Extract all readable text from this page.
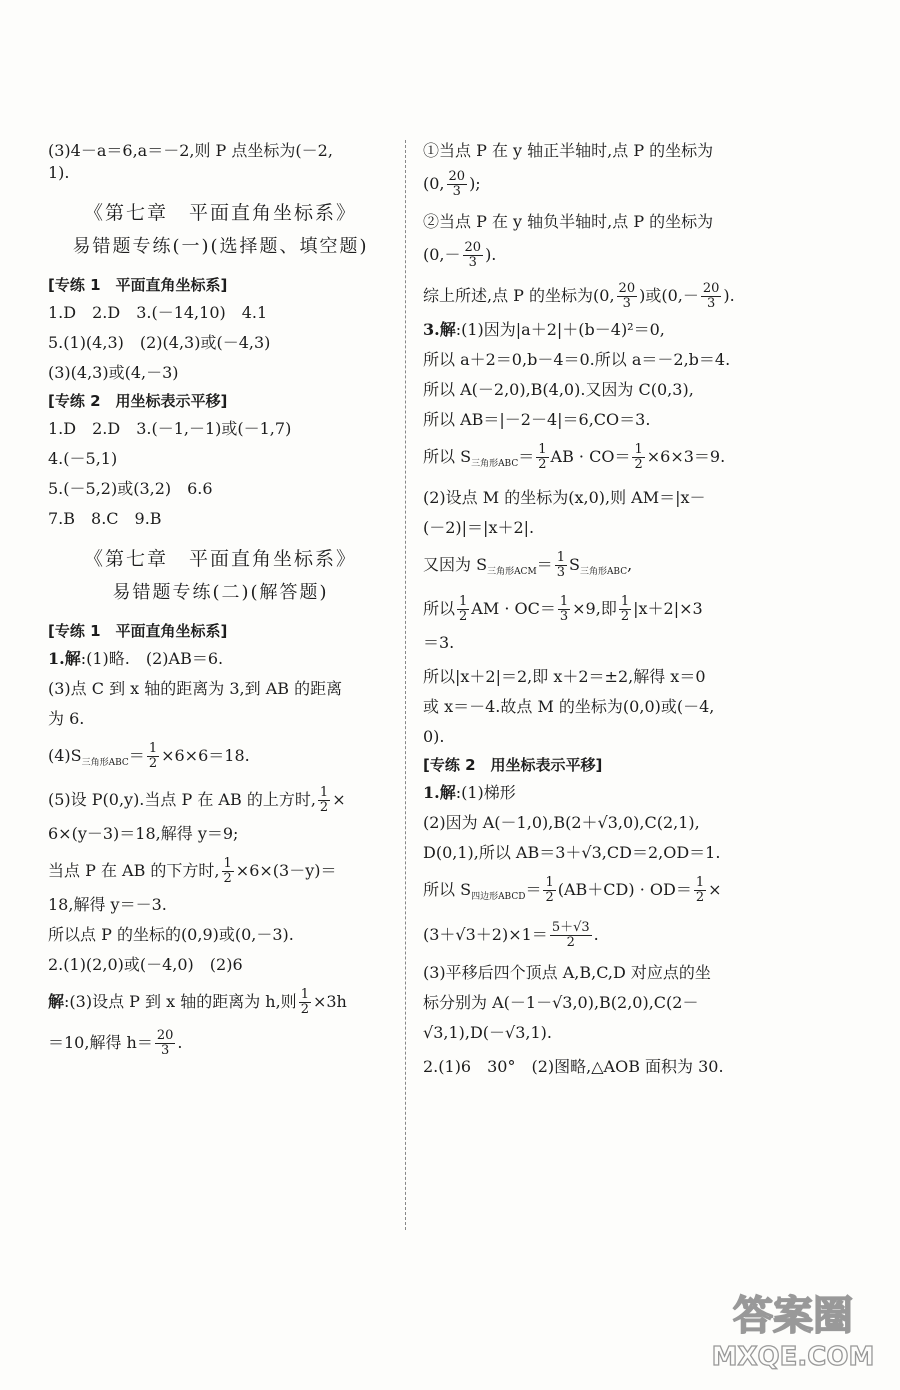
(3)4－a＝6,a＝－2,则 P 点坐标为(－2,
1).
《第七章　平面直角坐标系》
易错题专练(一)(选择题、填空题)
[专练 1　平面直角坐标系]
1.D　2.D　3.(－14,10)　4.1
5.(1)(4,3)　(2)(4,3)或(－4,3)
(3)(4,3)或(4,－3)
[专练 2　用坐标表示平移]
1.D　2.D　3.(－1,－1)或(－1,7)
4.(－5,1)
5.(－5,2)或(3,2)　6.6
7.B　8.C　9.B
《第七章　平面直角坐标系》
易错题专练(二)(解答题)
[专练 1　平面直角坐标系]
1.解:(1)略.　(2)AB＝6.
(3)点 C 到 x 轴的距离为 3,到 AB 的距离
为 6.
$(4)S_{三角形ABC}= \frac{1}{2} \times 6\times 6=18$.
(5)设 P(0,y).当点 P 在 AB 的上方时, $\frac{1}{2}$ ×
6×(y－3)＝18,解得 y＝9;
当点 P 在 AB 的下方时, $\frac{1}{2} \times 6\times(3-y)=$
18,解得 y＝－3.
所以点 P 的坐标的(0,9)或(0,－3).
2.(1)(2,0)或(－4,0)　(2)6
解:(3)设点 P 到 x 轴的距离为 h,则 $\frac{1}{2} \times 3h$
＝10,解得 $h= \frac{20}{3}$ .
①当点 P 在 y 轴正半轴时,点 P 的坐标为
(0, $\frac{20}{3}$ );
②当点 P 在 y 轴负半轴时,点 P 的坐标为
($0,- \frac{20}{3}$ ).
综上所述,点 P 的坐标为(0, $\frac{20}{3}$ )或($0,- \frac{20}{3}$ ).
3.解:(1)因为|a＋2|＋(b－4)²＝0,
所以 a＋2＝0,b－4＝0.所以 a＝－2,b＝4.
所以 A(－2,0),B(4,0).又因为 C(0,3),
所以 AB＝|－2－4|＝6,CO＝3.
所以 $S_{三角形ABC}= \frac{1}{2}$ AB · $CO= \frac{1}{2} \times 6\times 3=9$.
(2)设点 M 的坐标为(x,0),则 AM＝|x－
(－2)|＝|x＋2|.
又因为 $S_{三角形ACM}= \frac{1}{3} S_{三角形ABC}$,
所以 $\frac{1}{2}$ AM · $OC= \frac{1}{3} \times 9$,即 $\frac{1}{2} |x+2|\times 3$
＝3.
所以|x＋2|＝2,即 x＋2＝±2,解得 x＝0
或 x＝－4.故点 M 的坐标为(0,0)或(－4,
0).
[专练 2　用坐标表示平移]
1.解:(1)梯形
(2)因为 A(－1,0),B(2＋√3,0),C(2,1),
D(0,1),所以 AB＝3＋√3,CD＝2,OD＝1.
所以 $S_{四边形ABCD}= \frac{1}{2} (AB+CD) \cdot OD= \frac{1}{2}$ ×
$(3+√3+2)\times 1= \frac{5+√3}{2}$ .
(3)平移后四个顶点 A,B,C,D 对应点的坐
标分别为 A(－1－√3,0),B(2,0),C(2－
√3,1),D(－√3,1).
2.(1)6　30°　(2)图略,△AOB 面积为 30.
答案圈
MXQE.COM
